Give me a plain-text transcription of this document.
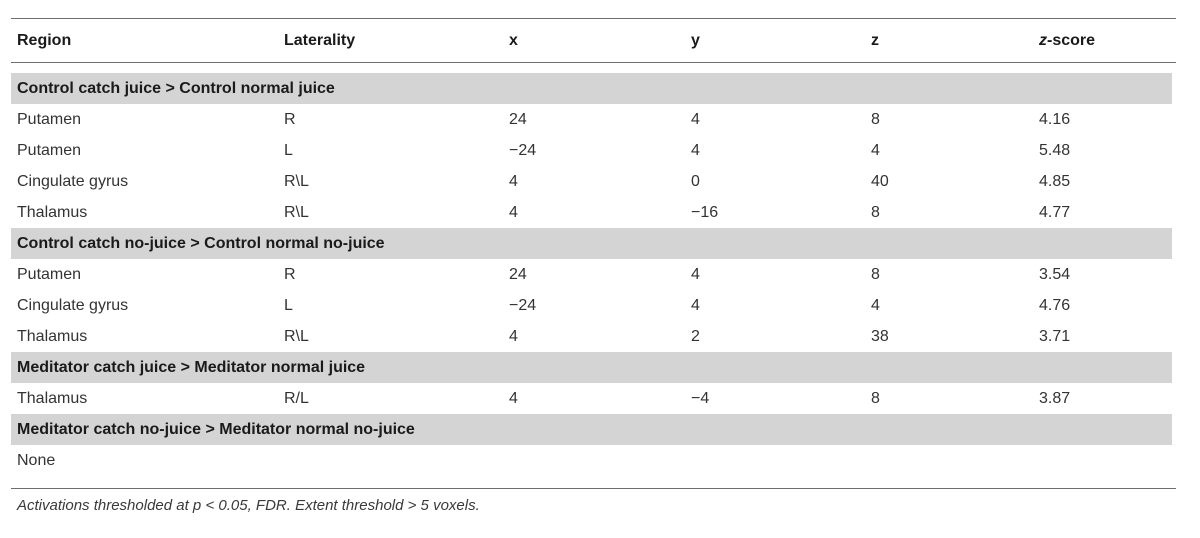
Region	Laterality	x	y	z	z-score
Control catch juice > Control normal juice
Putamen	R	24	4	8	4.16
Putamen	L	−24	4	4	5.48
Cingulate gyrus	R\L	4	0	40	4.85
Thalamus	R\L	4	−16	8	4.77
Control catch no-juice > Control normal no-juice
Putamen	R	24	4	8	3.54
Cingulate gyrus	L	−24	4	4	4.76
Thalamus	R\L	4	2	38	3.71
Meditator catch juice > Meditator normal juice
Thalamus	R/L	4	−4	8	3.87
Meditator catch no-juice > Meditator normal no-juice
None
Activations thresholded at p < 0.05, FDR. Extent threshold > 5 voxels.
